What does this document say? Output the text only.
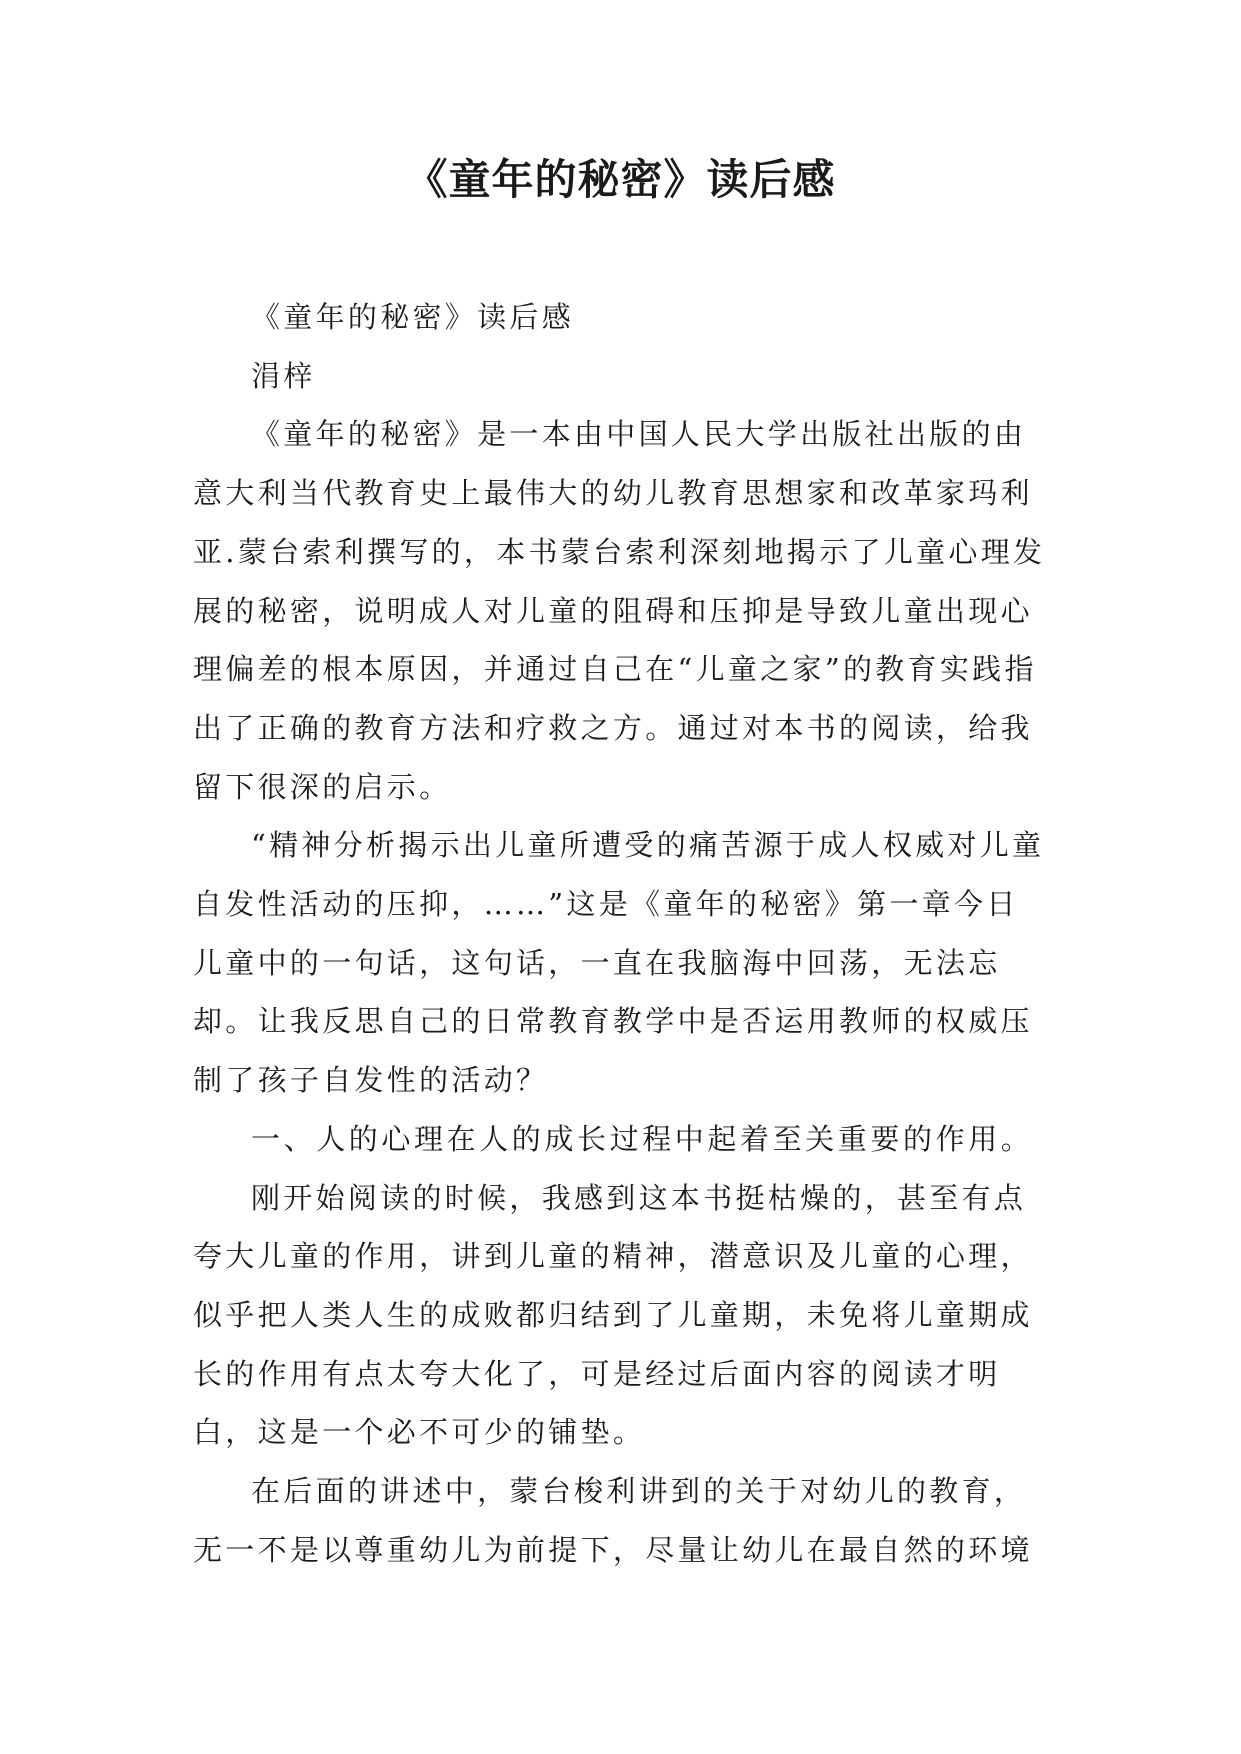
《童年的秘密》读后感

《童年的秘密》读后感

涓梓

《童年的秘密》是一本由中国人民大学出版社出版的由意大利当代教育史上最伟大的幼儿教育思想家和改革家玛利亚.蒙台索利撰写的，本书蒙台索利深刻地揭示了儿童心理发展的秘密，说明成人对儿童的阻碍和压抑是导致儿童出现心理偏差的根本原因，并通过自己在“儿童之家”的教育实践指出了正确的教育方法和疗救之方。通过对本书的阅读，给我留下很深的启示。

“精神分析揭示出儿童所遭受的痛苦源于成人权威对儿童自发性活动的压抑，……”这是《童年的秘密》第一章今日儿童中的一句话，这句话，一直在我脑海中回荡，无法忘却。让我反思自己的日常教育教学中是否运用教师的权威压制了孩子自发性的活动？

一、人的心理在人的成长过程中起着至关重要的作用。

刚开始阅读的时候，我感到这本书挺枯燥的，甚至有点夸大儿童的作用，讲到儿童的精神，潜意识及儿童的心理，似乎把人类人生的成败都归结到了儿童期，未免将儿童期成长的作用有点太夸大化了，可是经过后面内容的阅读才明白，这是一个必不可少的铺垫。

在后面的讲述中，蒙台梭利讲到的关于对幼儿的教育，无一不是以尊重幼儿为前提下，尽量让幼儿在最自然的环境
